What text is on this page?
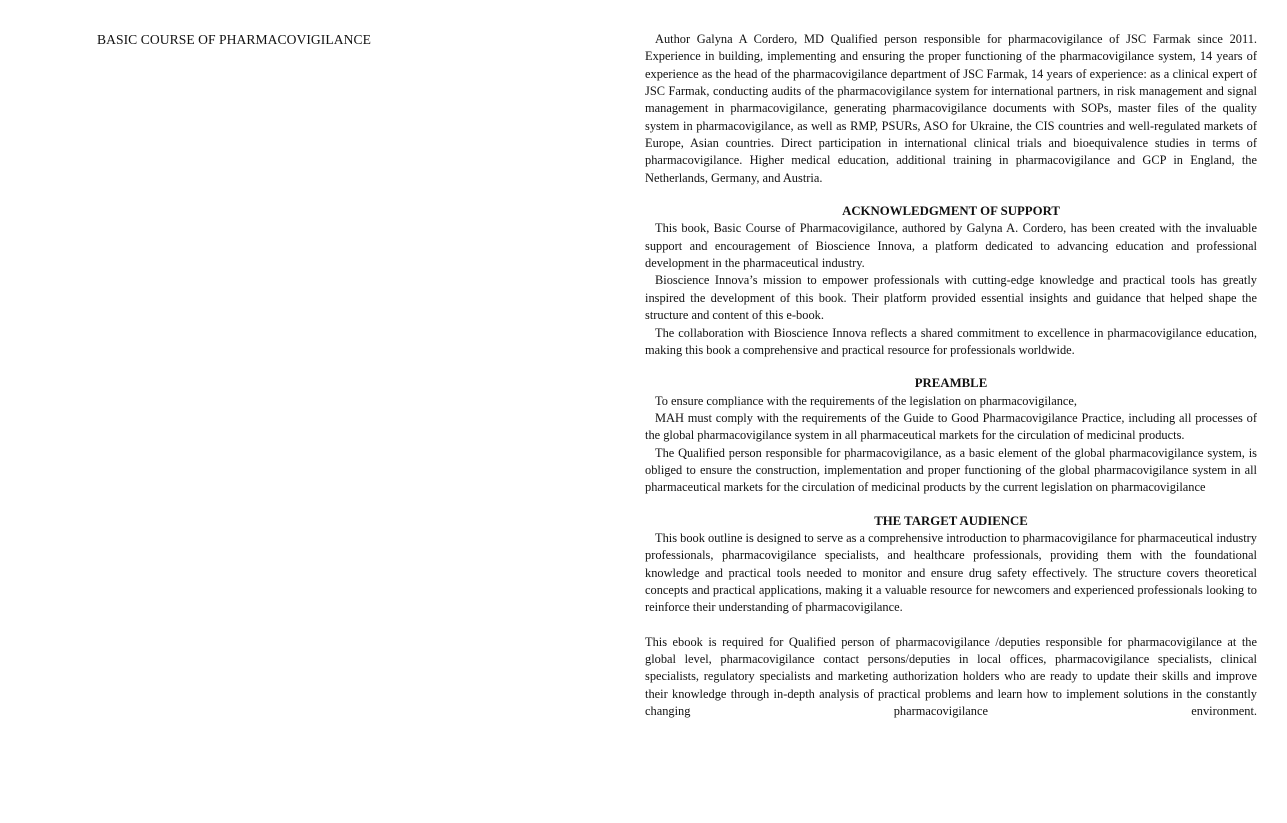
BASIC COURSE OF PHARMACOVIGILANCE	Author Galyna A Cordero, MD Qualified person responsible for pharmacovigilance of JSC Farmak since 2011. Experience in building, implementing and ensuring the proper functioning of the pharmacovigilance system, 14 years of experience as the head of the pharmacovigilance department of JSC Farmak, 14 years of experience: as a clinical expert of JSC Farmak, conducting audits of the pharmacovigilance system for international partners, in risk management and signal management in pharmacovigilance, generating pharmacovigilance documents with SOPs, master files of the quality system in pharmacovigilance, as well as RMP, PSURs, ASO for Ukraine, the CIS countries and well-regulated markets of Europe, Asian countries. Direct participation in international clinical trials and bioequivalence studies in terms of pharmacovigilance. Higher medical education, additional training in pharmacovigilance and GCP in England, the Netherlands, Germany, and Austria.

ACKNOWLEDGMENT OF SUPPORT

This book, Basic Course of Pharmacovigilance, authored by Galyna A. Cordero, has been created with the invaluable support and encouragement of Bioscience Innova, a platform dedicated to advancing education and professional development in the pharmaceutical industry.

Bioscience Innova’s mission to empower professionals with cutting-edge knowledge and practical tools has greatly inspired the development of this book. Their platform provided essential insights and guidance that helped shape the structure and content of this e-book.

The collaboration with Bioscience Innova reflects a shared commitment to excellence in pharmacovigilance education, making this book a comprehensive and practical resource for professionals worldwide.

PREAMBLE

To ensure compliance with the requirements of the legislation on pharmacovigilance,

MAH must comply with the requirements of the Guide to Good Pharmacovigilance Practice, including all processes of the global pharmacovigilance system in all pharmaceutical markets for the circulation of medicinal products.

The Qualified person responsible for pharmacovigilance, as a basic element of the global pharmacovigilance system, is obliged to ensure the construction, implementation and proper functioning of the global pharmacovigilance system in all pharmaceutical markets for the circulation of medicinal products by the current legislation on pharmacovigilance

THE TARGET AUDIENCE

This book outline is designed to serve as a comprehensive introduction to pharmacovigilance for pharmaceutical industry professionals, pharmacovigilance specialists, and healthcare professionals, providing them with the foundational knowledge and practical tools needed to monitor and ensure drug safety effectively. The structure covers theoretical concepts and practical applications, making it a valuable resource for newcomers and experienced professionals looking to reinforce their understanding of pharmacovigilance.

This ebook is required for Qualified person of pharmacovigilance /deputies responsible for pharmacovigilance at the global level, pharmacovigilance contact persons/deputies in local offices, pharmacovigilance specialists, clinical specialists, regulatory specialists and marketing authorization holders who are ready to update their skills and improve their knowledge through in-depth analysis of practical problems and learn how to implement solutions in the constantly changing pharmacovigilance environment.
